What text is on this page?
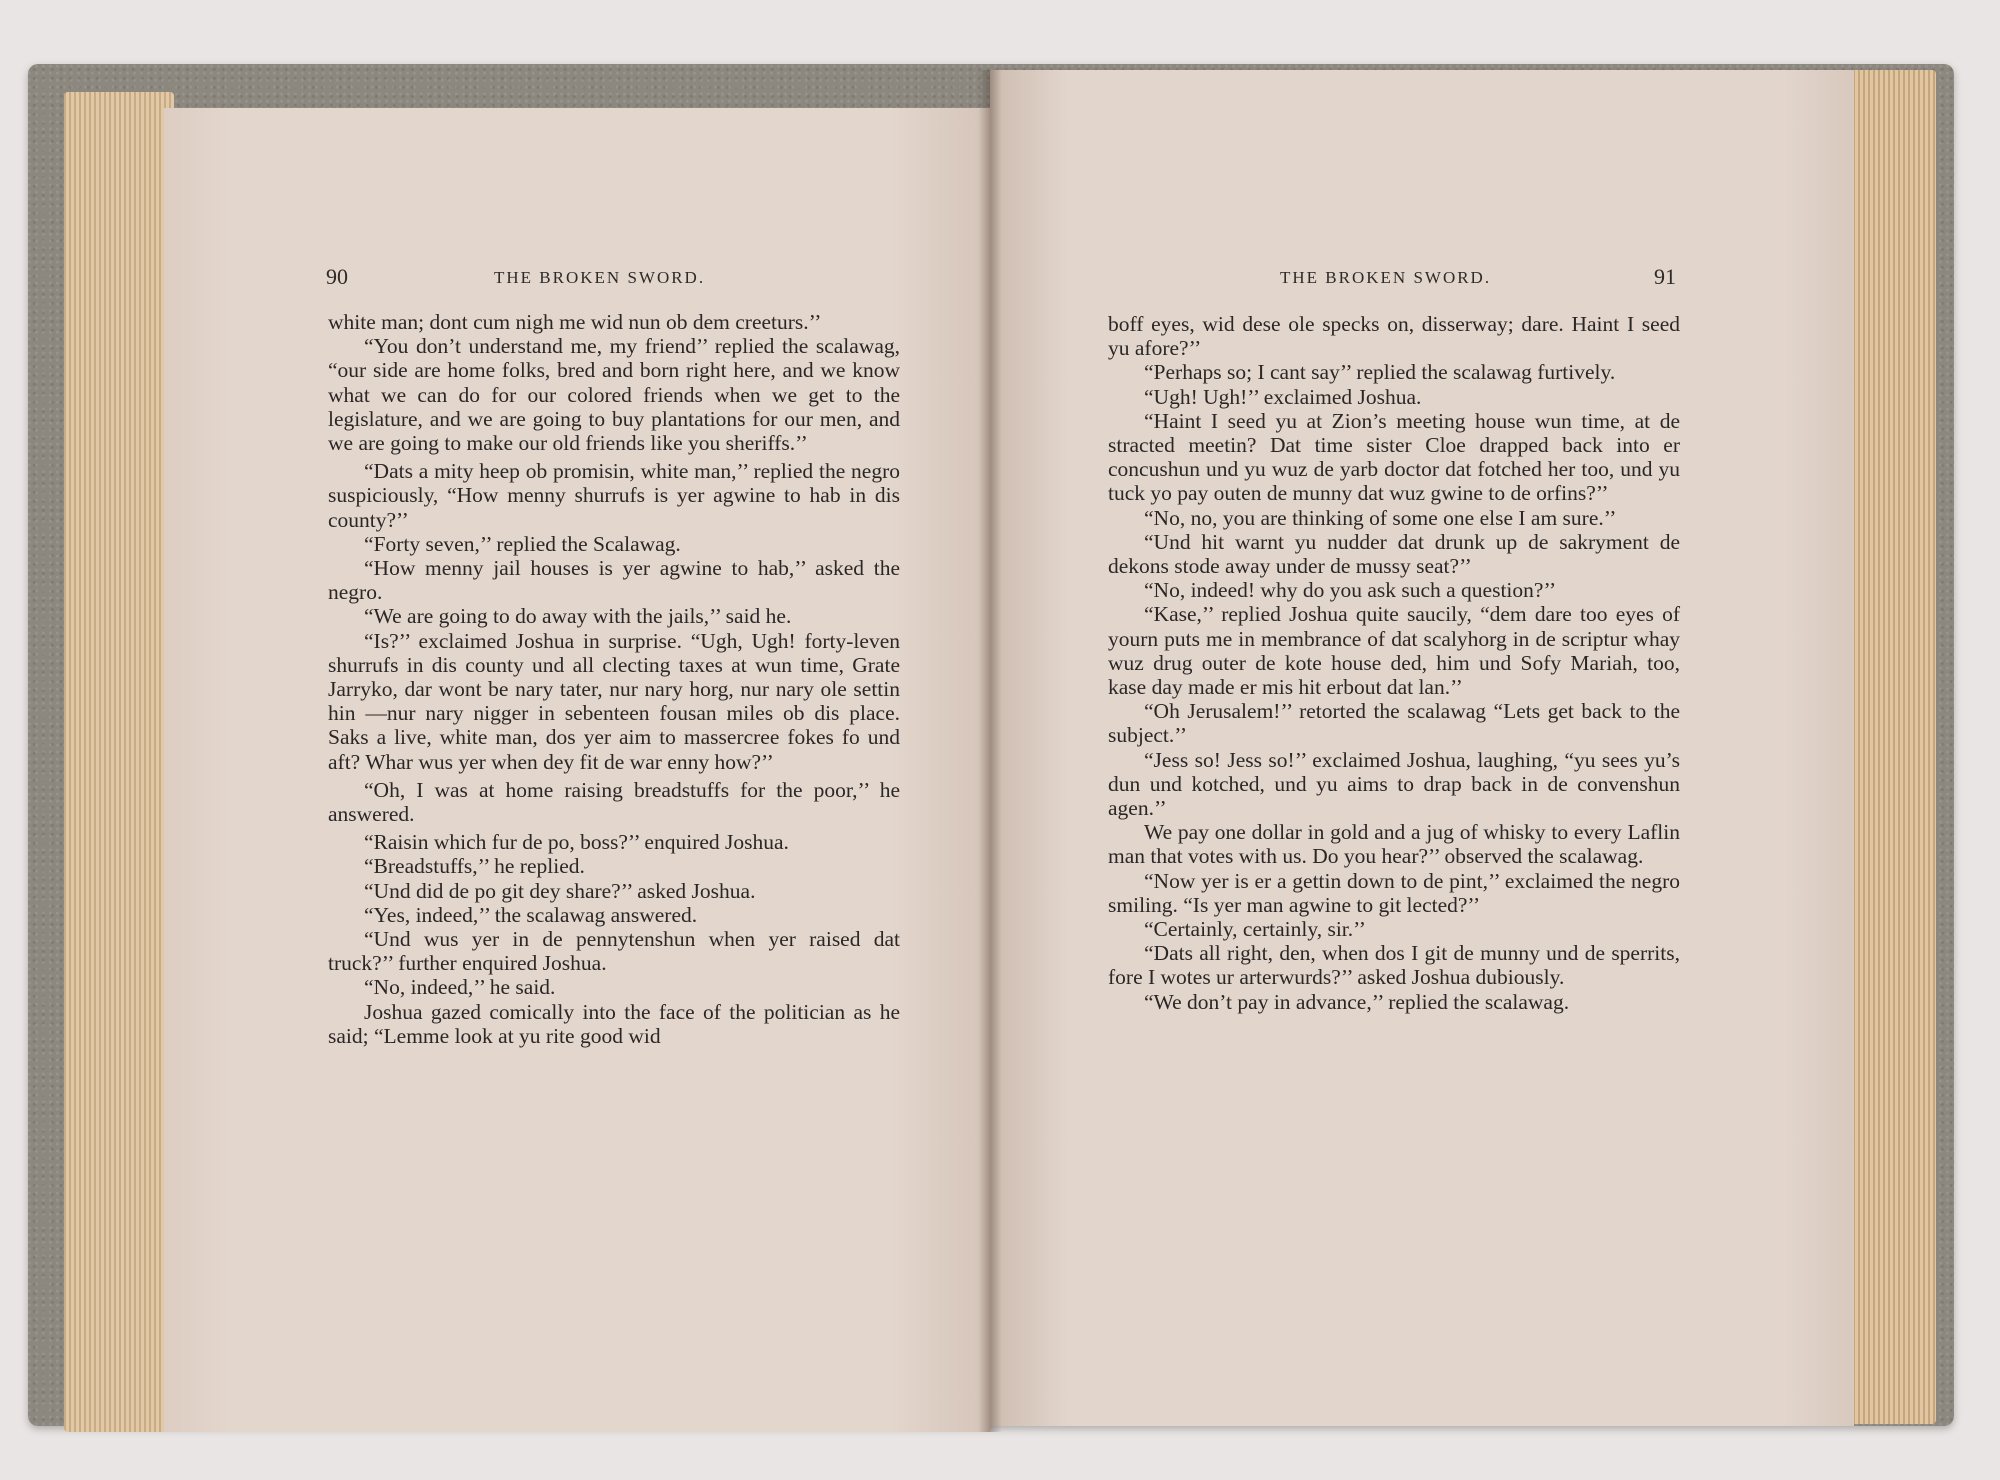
90	THE BROKEN SWORD.	THE BROKEN SWORD.	91

white man; dont cum nigh me wid nun ob dem creeturs.’’

“You don’t understand me, my friend’’ replied the scalawag, “our side are home folks, bred and born right here, and we know what we can do for our colored friends when we get to the legislature, and we are going to buy plantations for our men, and we are going to make our old friends like you sheriffs.’’

“Dats a mity heep ob promisin, white man,’’ replied the negro suspiciously, “How menny shurrufs is yer agwine to hab in dis county?’’

“Forty seven,’’ replied the Scalawag.

“How menny jail houses is yer agwine to hab,’’ asked the negro.

“We are going to do away with the jails,’’ said he.

“Is?’’ exclaimed Joshua in surprise. “Ugh, Ugh! forty-leven shurrufs in dis county und all clecting taxes at wun time, Grate Jarryko, dar wont be nary tater, nur nary horg, nur nary ole settin hin —nur nary nigger in sebenteen fousan miles ob dis place. Saks a live, white man, dos yer aim to massercree fokes fo und aft? Whar wus yer when dey fit de war enny how?’’

“Oh, I was at home raising breadstuffs for the poor,’’ he answered.

“Raisin which fur de po, boss?’’ enquired Joshua.

“Breadstuffs,’’ he replied.

“Und did de po git dey share?’’ asked Joshua.

“Yes, indeed,’’ the scalawag answered.

“Und wus yer in de pennytenshun when yer raised dat truck?’’ further enquired Joshua.

“No, indeed,’’ he said.

Joshua gazed comically into the face of the politician as he said; “Lemme look at yu rite good wid

boff eyes, wid dese ole specks on, disserway; dare. Haint I seed yu afore?’’

“Perhaps so; I cant say’’ replied the scalawag furtively.

“Ugh! Ugh!’’ exclaimed Joshua.

“Haint I seed yu at Zion’s meeting house wun time, at de stracted meetin? Dat time sister Cloe drapped back into er concushun und yu wuz de yarb doctor dat fotched her too, und yu tuck yo pay outen de munny dat wuz gwine to de orfins?’’

“No, no, you are thinking of some one else I am sure.’’

“Und hit warnt yu nudder dat drunk up de sakryment de dekons stode away under de mussy seat?’’

“No, indeed! why do you ask such a question?’’

“Kase,’’ replied Joshua quite saucily, “dem dare too eyes of yourn puts me in membrance of dat scalyhorg in de scriptur whay wuz drug outer de kote house ded, him und Sofy Mariah, too, kase day made er mis hit erbout dat lan.’’

“Oh Jerusalem!’’ retorted the scalawag “Lets get back to the subject.’’

“Jess so! Jess so!’’ exclaimed Joshua, laughing, “yu sees yu’s dun und kotched, und yu aims to drap back in de convenshun agen.’’

We pay one dollar in gold and a jug of whisky to every Laflin man that votes with us. Do you hear?’’ observed the scalawag.

“Now yer is er a gettin down to de pint,’’ exclaimed the negro smiling. “Is yer man agwine to git lected?’’

“Certainly, certainly, sir.’’

“Dats all right, den, when dos I git de munny und de sperrits, fore I wotes ur arterwurds?’’ asked Joshua dubiously.

“We don’t pay in advance,’’ replied the scalawag.
